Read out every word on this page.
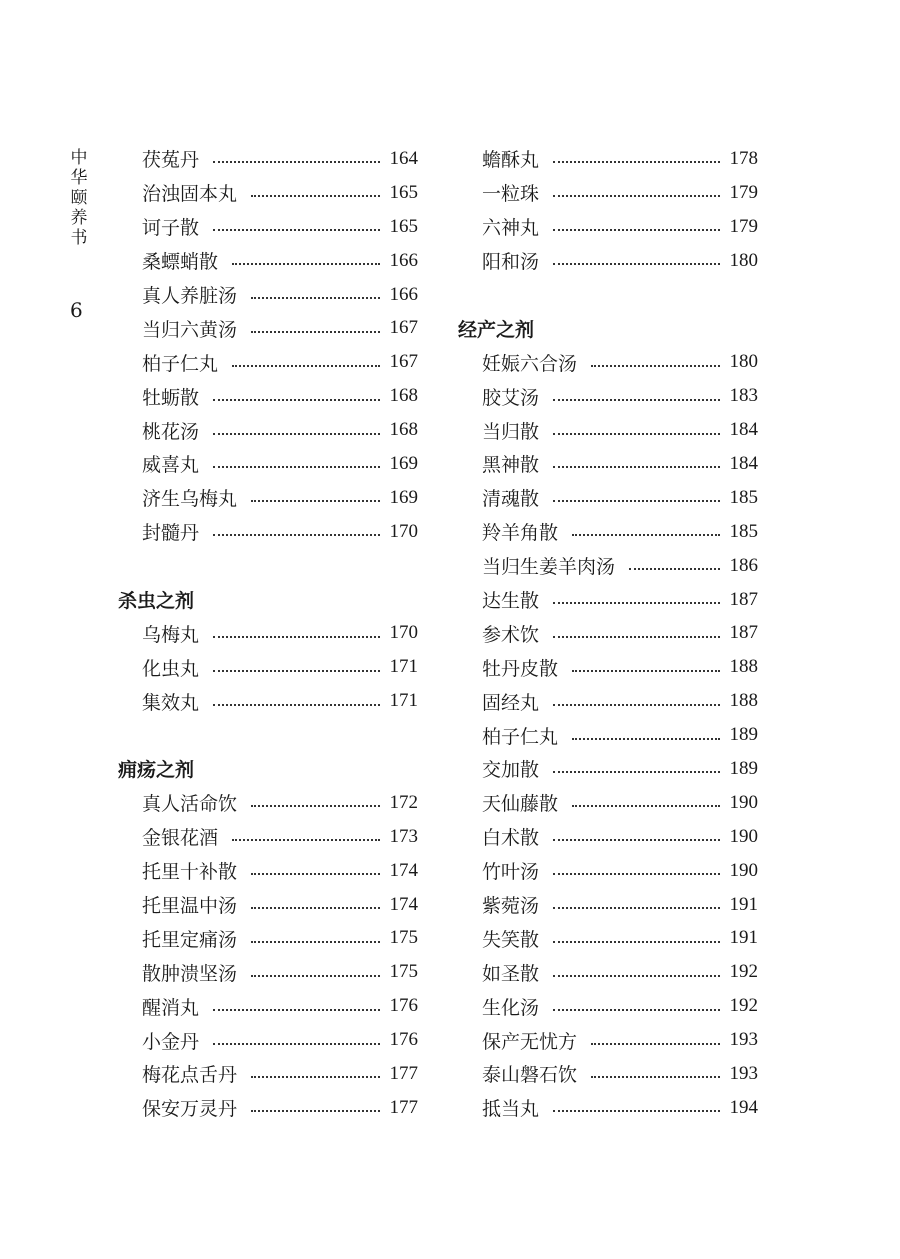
中
华
颐
养
书
6
茯菟丹	164
治浊固本丸	165
诃子散	165
桑螵蛸散	166
真人养脏汤	166
当归六黄汤	167
柏子仁丸	167
牡蛎散	168
桃花汤	168
威喜丸	169
济生乌梅丸	169
封髓丹	170
杀虫之剂
乌梅丸	170
化虫丸	171
集效丸	171
痈疡之剂
真人活命饮	172
金银花酒	173
托里十补散	174
托里温中汤	174
托里定痛汤	175
散肿溃坚汤	175
醒消丸	176
小金丹	176
梅花点舌丹	177
保安万灵丹	177
蟾酥丸	178
一粒珠	179
六神丸	179
阳和汤	180
经产之剂
妊娠六合汤	180
胶艾汤	183
当归散	184
黑神散	184
清魂散	185
羚羊角散	185
当归生姜羊肉汤	186
达生散	187
参术饮	187
牡丹皮散	188
固经丸	188
柏子仁丸	189
交加散	189
天仙藤散	190
白术散	190
竹叶汤	190
紫菀汤	191
失笑散	191
如圣散	192
生化汤	192
保产无忧方	193
泰山磐石饮	193
抵当丸	194
